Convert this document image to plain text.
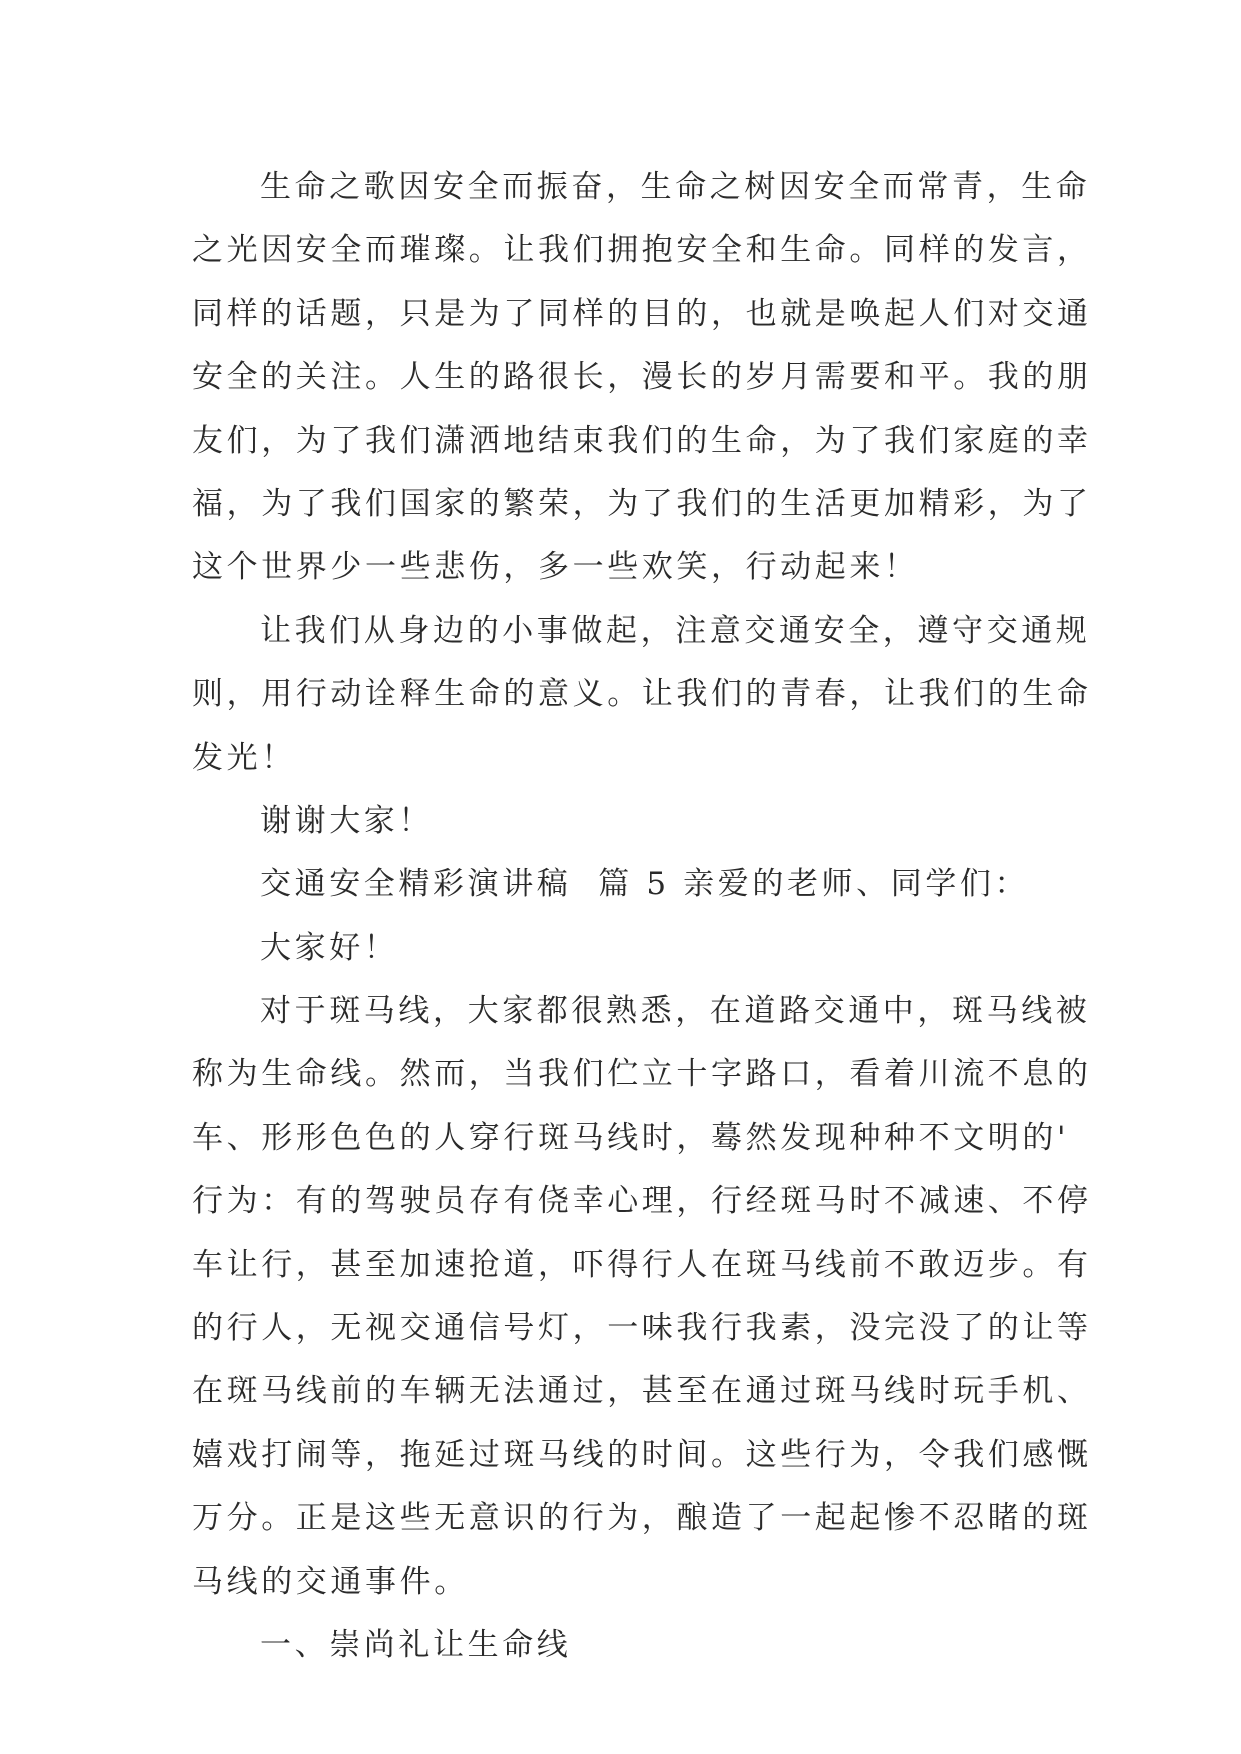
生命之歌因安全而振奋，生命之树因安全而常青，生命
之光因安全而璀璨。让我们拥抱安全和生命。同样的发言，
同样的话题，只是为了同样的目的，也就是唤起人们对交通
安全的关注。人生的路很长，漫长的岁月需要和平。我的朋
友们，为了我们潇洒地结束我们的生命，为了我们家庭的幸
福，为了我们国家的繁荣，为了我们的生活更加精彩，为了
这个世界少一些悲伤，多一些欢笑，行动起来！
让我们从身边的小事做起，注意交通安全，遵守交通规
则，用行动诠释生命的意义。让我们的青春，让我们的生命
发光！
谢谢大家！
交通安全精彩演讲稿  篇 5 亲爱的老师、同学们：
大家好！
对于斑马线，大家都很熟悉，在道路交通中，斑马线被
称为生命线。然而，当我们伫立十字路口，看着川流不息的
车、形形色色的人穿行斑马线时，蓦然发现种种不文明的'
行为：有的驾驶员存有侥幸心理，行经斑马时不减速、不停
车让行，甚至加速抢道，吓得行人在斑马线前不敢迈步。有
的行人，无视交通信号灯，一味我行我素，没完没了的让等
在斑马线前的车辆无法通过，甚至在通过斑马线时玩手机、
嬉戏打闹等，拖延过斑马线的时间。这些行为，令我们感慨
万分。正是这些无意识的行为，酿造了一起起惨不忍睹的斑
马线的交通事件。
一、崇尚礼让生命线
